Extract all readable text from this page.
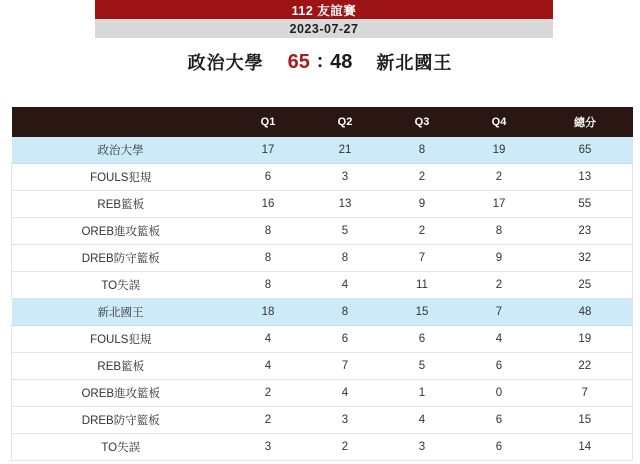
112 友誼賽
2023-07-27
政治大學 65 : 48 新北國王
	Q1	Q2	Q3	Q4	總分
政治大學	17	21	8	19	65
FOULS犯規	6	3	2	2	13
REB籃板	16	13	9	17	55
OREB進攻籃板	8	5	2	8	23
DREB防守籃板	8	8	7	9	32
TO失誤	8	4	11	2	25
新北國王	18	8	15	7	48
FOULS犯規	4	6	6	4	19
REB籃板	4	7	5	6	22
OREB進攻籃板	2	4	1	0	7
DREB防守籃板	2	3	4	6	15
TO失誤	3	2	3	6	14
